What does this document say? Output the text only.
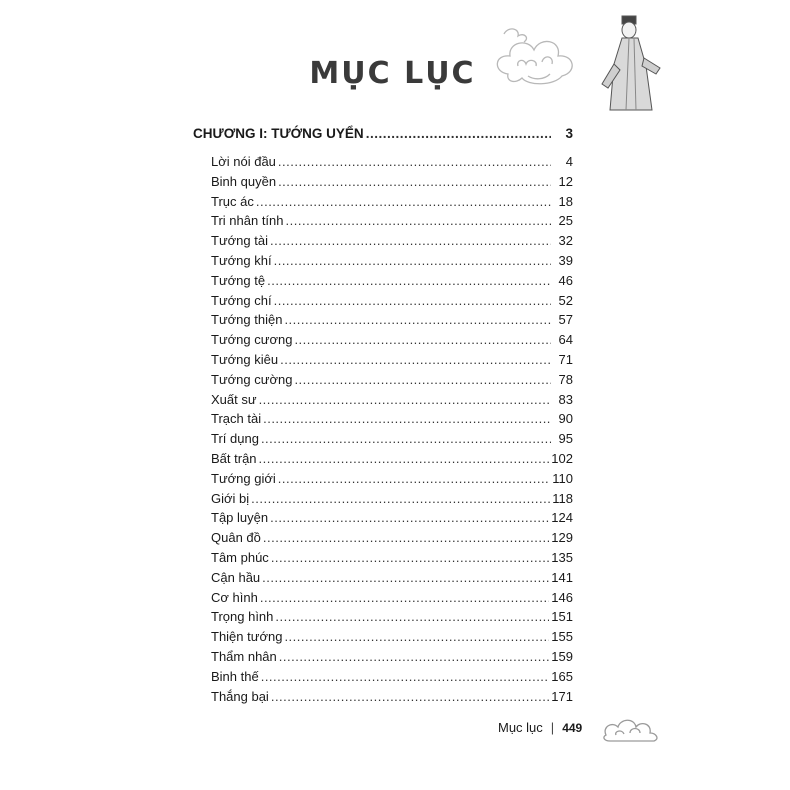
MỤC LỤC
CHƯƠNG I: TƯỚNG UYỂN .....	3
Lời nói đầu .....	4
Binh quyền .....	12
Trục ác .....	18
Tri nhân tính .....	25
Tướng tài .....	32
Tướng khí .....	39
Tướng tệ .....	46
Tướng chí .....	52
Tướng thiện .....	57
Tướng cương .....	64
Tướng kiêu .....	71
Tướng cường .....	78
Xuất sư .....	83
Trạch tài .....	90
Trí dụng .....	95
Bất trận .....	102
Tướng giới .....	110
Giới bị .....	118
Tập luyện .....	124
Quân đồ .....	129
Tâm phúc .....	135
Cận hầu .....	141
Cơ hình .....	146
Trọng hình .....	151
Thiện tướng .....	155
Thẩm nhân .....	159
Binh thế .....	165
Thắng bại .....	171
Mục lục | 449
